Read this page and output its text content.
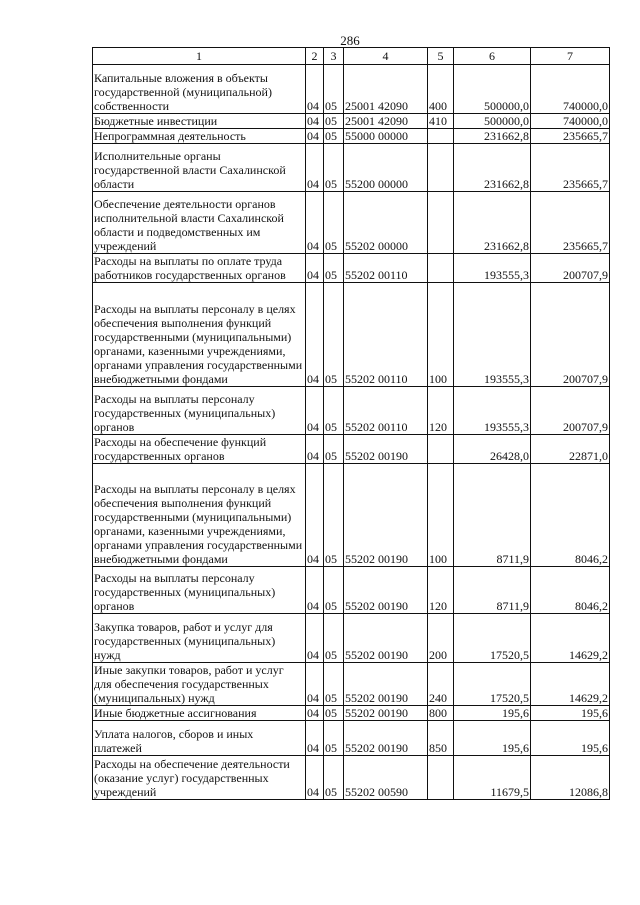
286
1	2	3	4	5	6	7
Капитальные вложения в объекты государственной (муниципальной) собственности	04	05	25001 42090	400	500000,0	740000,0
Бюджетные инвестиции	04	05	25001 42090	410	500000,0	740000,0
Непрограммная деятельность	04	05	55000 00000		231662,8	235665,7
Исполнительные органы государственной власти Сахалинской области	04	05	55200 00000		231662,8	235665,7
Обеспечение деятельности органов исполнительной власти Сахалинской области и подведомственных им учреждений	04	05	55202 00000		231662,8	235665,7
Расходы на выплаты по оплате труда работников государственных органов	04	05	55202 00110		193555,3	200707,9
Расходы на выплаты персоналу в целях обеспечения выполнения функций государственными (муниципальными) органами, казенными учреждениями, органами управления государственными внебюджетными фондами	04	05	55202 00110	100	193555,3	200707,9
Расходы на выплаты персоналу государственных (муниципальных) органов	04	05	55202 00110	120	193555,3	200707,9
Расходы на обеспечение функций государственных органов	04	05	55202 00190		26428,0	22871,0
Расходы на выплаты персоналу в целях обеспечения выполнения функций государственными (муниципальными) органами, казенными учреждениями, органами управления государственными внебюджетными фондами	04	05	55202 00190	100	8711,9	8046,2
Расходы на выплаты персоналу государственных (муниципальных) органов	04	05	55202 00190	120	8711,9	8046,2
Закупка товаров, работ и услуг для государственных (муниципальных) нужд	04	05	55202 00190	200	17520,5	14629,2
Иные закупки товаров, работ и услуг для обеспечения государственных (муниципальных) нужд	04	05	55202 00190	240	17520,5	14629,2
Иные бюджетные ассигнования	04	05	55202 00190	800	195,6	195,6
Уплата налогов, сборов и иных платежей	04	05	55202 00190	850	195,6	195,6
Расходы на обеспечение деятельности (оказание услуг) государственных учреждений	04	05	55202 00590		11679,5	12086,8
